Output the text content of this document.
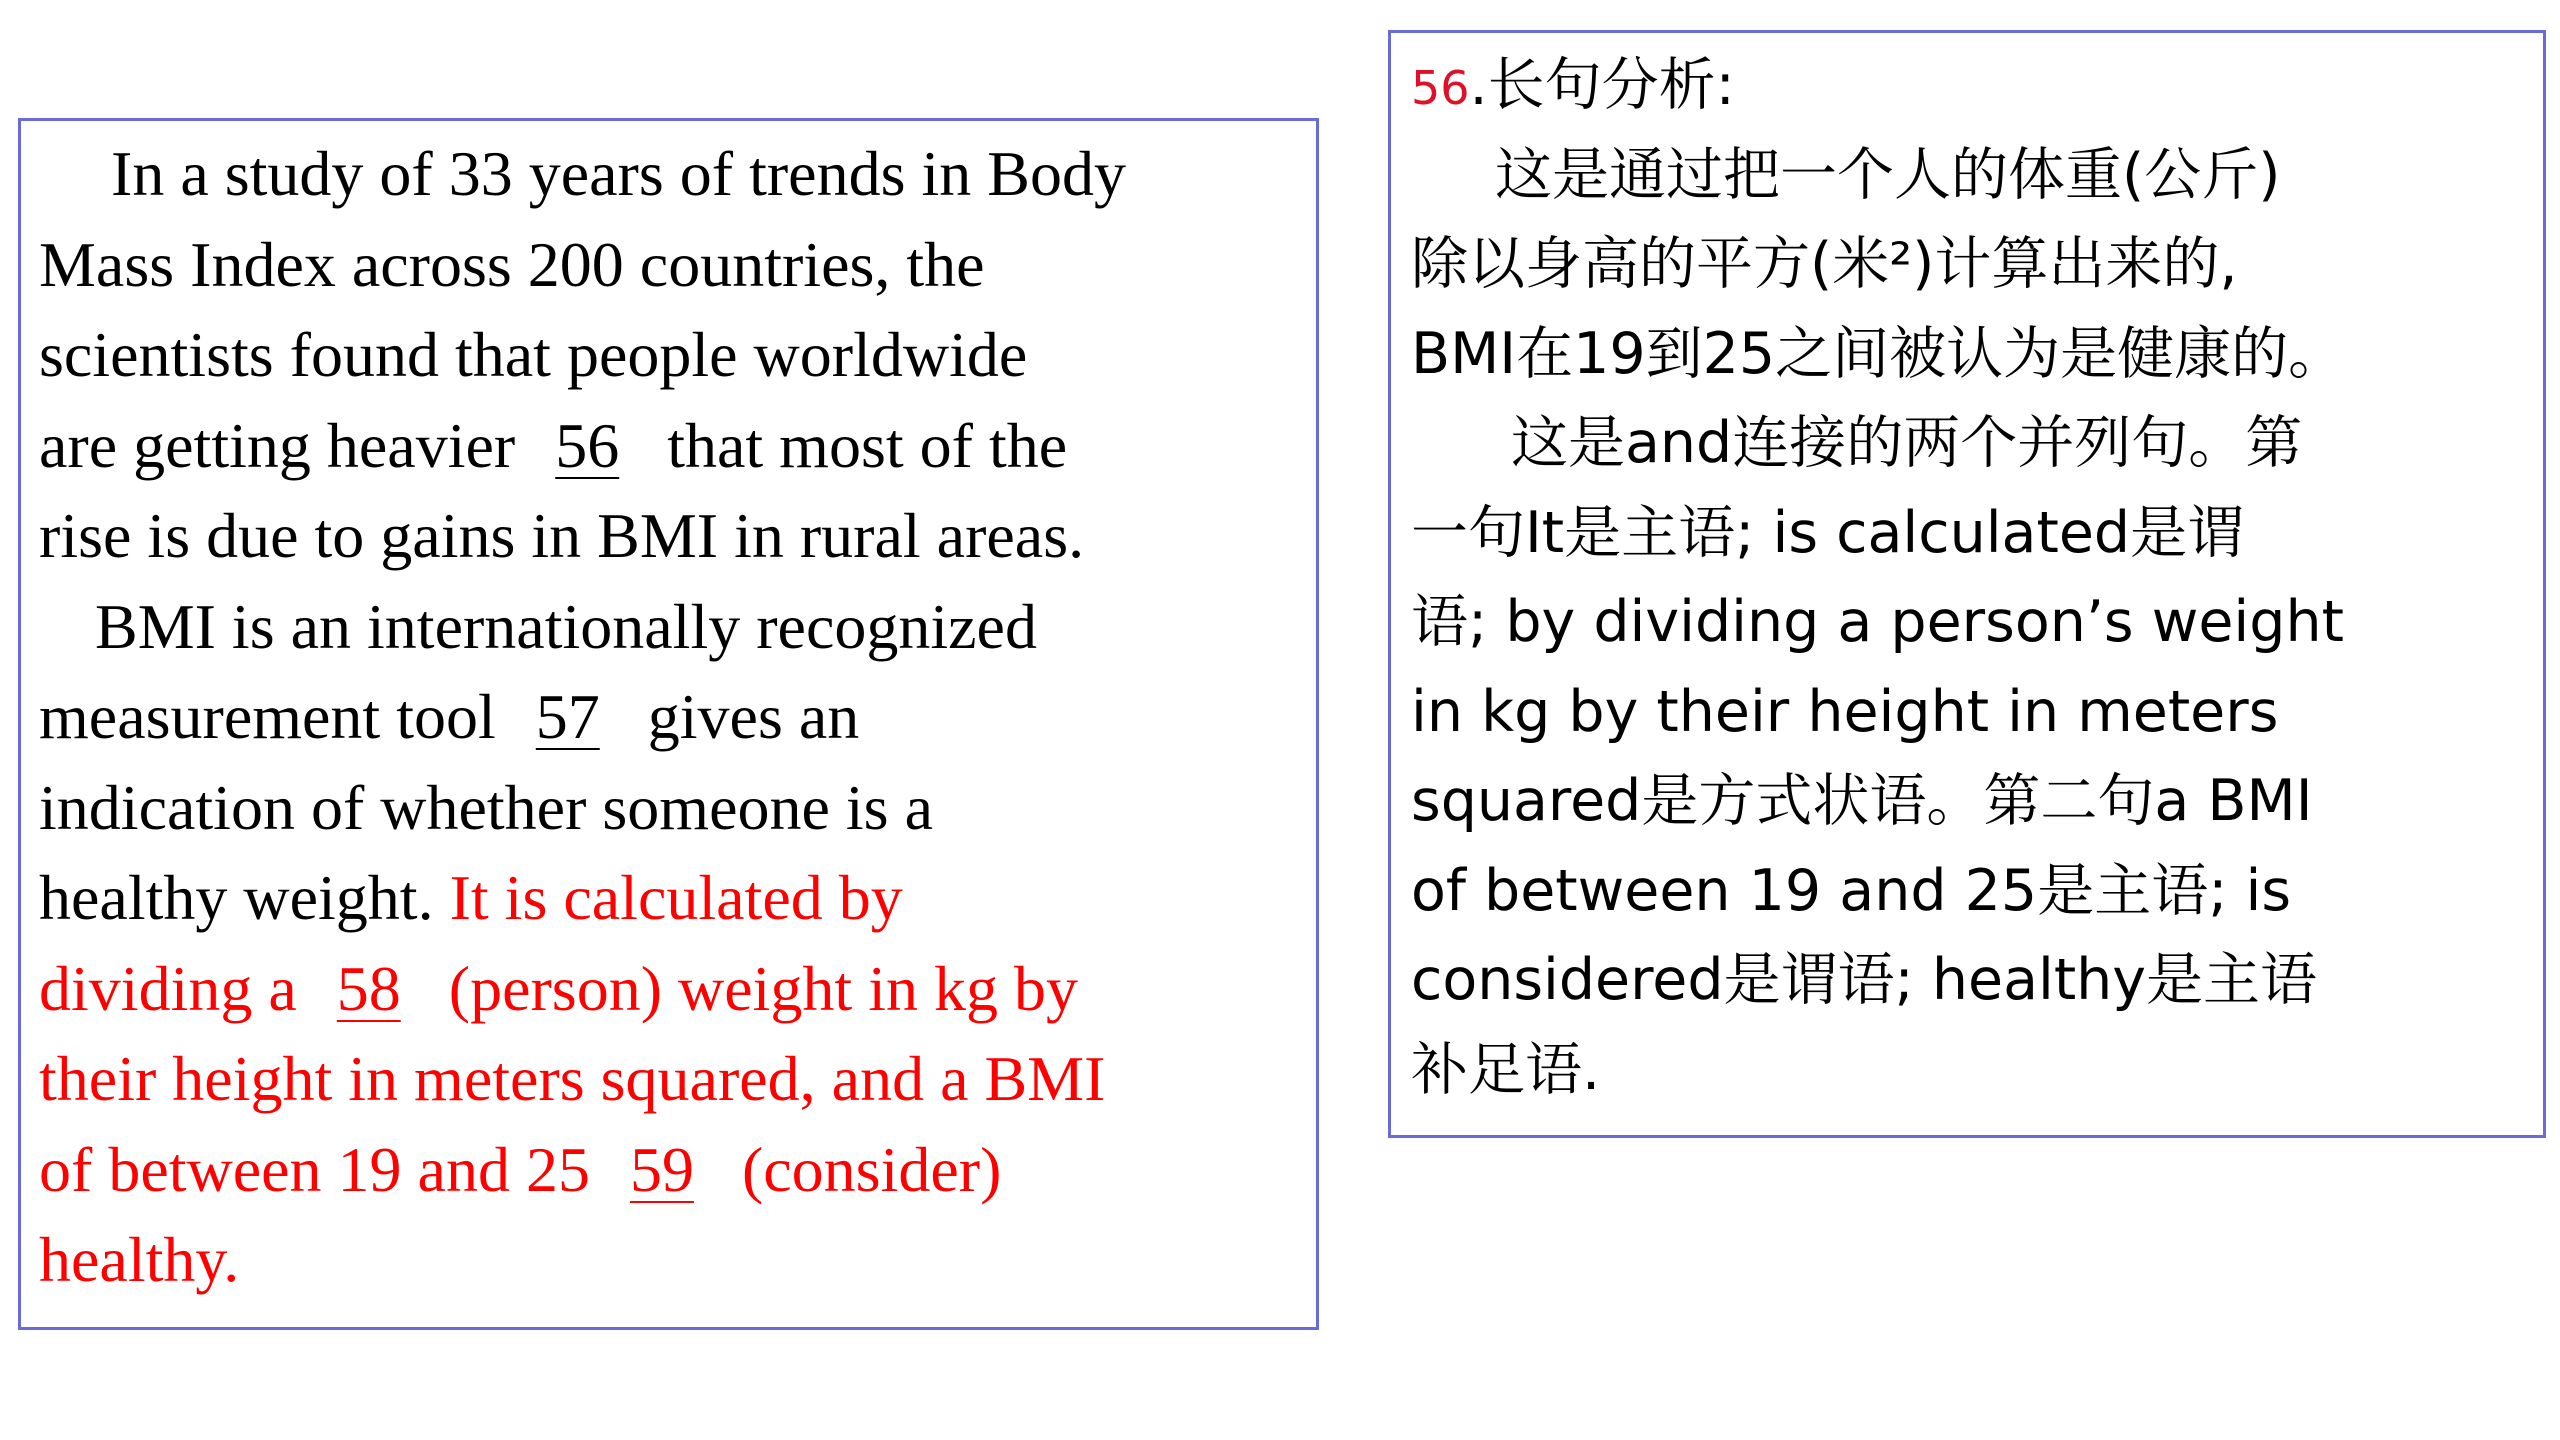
In a study of 33 years of trends in Body
Mass Index across 200 countries, the
scientists found that people worldwide
are getting heavier 56 that most of the
rise is due to gains in BMI in rural areas.
BMI is an internationally recognized
measurement tool 57 gives an
indication of whether someone is a
healthy weight. It is calculated by
dividing a 58 (person) weight in kg by
their height in meters squared, and a BMI
of between 19 and 25 59 (consider)
healthy.
56.长句分析:
这是通过把一个人的体重(公斤)
除以身高的平方(米²)计算出来的,
BMI在19到25之间被认为是健康的。
这是and连接的两个并列句。第
一句It是主语; is calculated是谓
语; by dividing a person’s weight
in kg by their height in meters
squared是方式状语。第二句a BMI
of between 19 and 25是主语; is
considered是谓语; healthy是主语
补足语.
